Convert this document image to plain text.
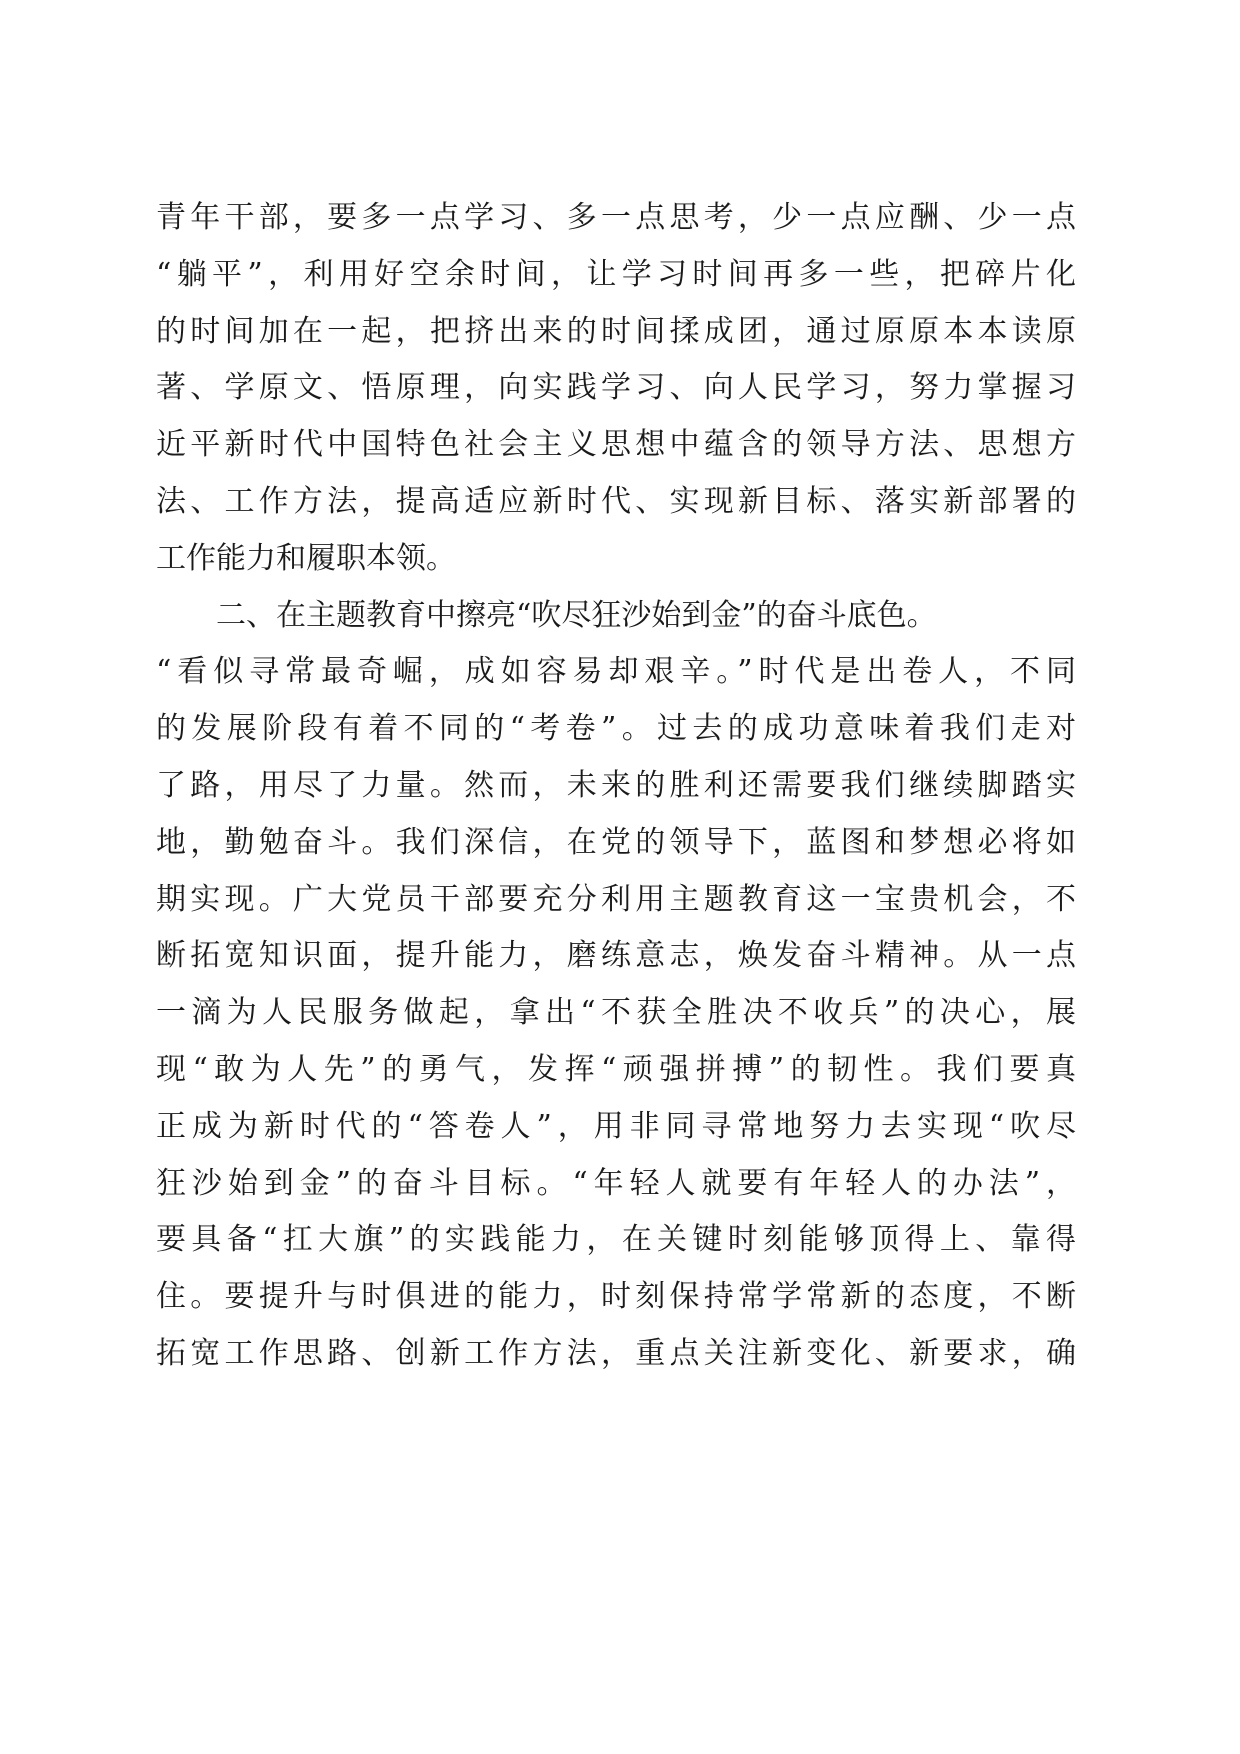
青年干部，要多一点学习、多一点思考，少一点应酬、少一点
“躺平”，利用好空余时间，让学习时间再多一些，把碎片化
的时间加在一起，把挤出来的时间揉成团，通过原原本本读原
著、学原文、悟原理，向实践学习、向人民学习，努力掌握习
近平新时代中国特色社会主义思想中蕴含的领导方法、思想方
法、工作方法，提高适应新时代、实现新目标、落实新部署的
工作能力和履职本领。
二、在主题教育中擦亮“吹尽狂沙始到金”的奋斗底色。
“看似寻常最奇崛，成如容易却艰辛。”时代是出卷人，不同
的发展阶段有着不同的“考卷”。过去的成功意味着我们走对
了路，用尽了力量。然而，未来的胜利还需要我们继续脚踏实
地，勤勉奋斗。我们深信，在党的领导下，蓝图和梦想必将如
期实现。广大党员干部要充分利用主题教育这一宝贵机会，不
断拓宽知识面，提升能力，磨练意志，焕发奋斗精神。从一点
一滴为人民服务做起，拿出“不获全胜决不收兵”的决心，展
现“敢为人先”的勇气，发挥“顽强拼搏”的韧性。我们要真
正成为新时代的“答卷人”，用非同寻常地努力去实现“吹尽
狂沙始到金”的奋斗目标。“年轻人就要有年轻人的办法”，
要具备“扛大旗”的实践能力，在关键时刻能够顶得上、靠得
住。要提升与时俱进的能力，时刻保持常学常新的态度，不断
拓宽工作思路、创新工作方法，重点关注新变化、新要求，确
